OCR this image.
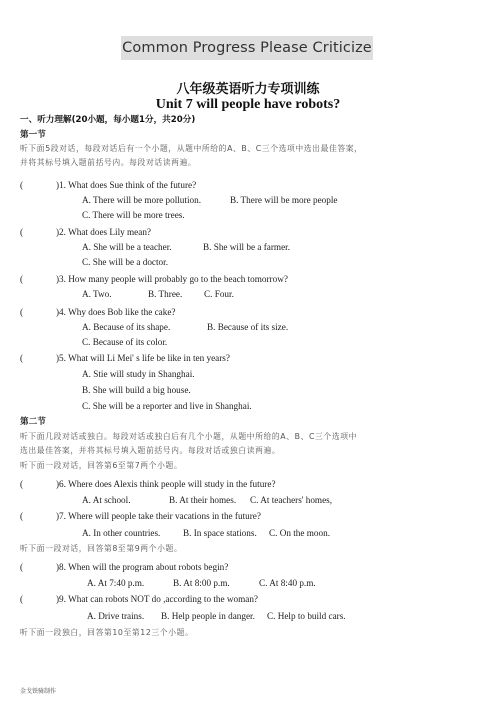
Common Progress Please Criticize
八年级英语听力专项训练
Unit 7 will people have robots?
一、听力理解(20小题，每小题1分，共20分)
第一节
听下面5段对话，每段对话后有一个小题，从题中所给的A、B、C三个选项中选出最佳答案，
并将其标号填入题前括号内。每段对话读两遍。
(	)1. What does Sue think of the future?
A. There will be more pollution.	B. There will be more people
C. There will be more trees.
(	)2. What does Lily mean?
A. She will be a teacher.	B. She will be a farmer.
C. She will be a doctor.
(	)3. How many people will probably go to the beach tomorrow?
A. Two.	B. Three. C. Four.
(	)4. Why does Bob like the cake?
A. Because of its shape.	B. Because of its size.
C. Because of its color.
(	)5. What will Li Mei' s life be like in ten years?
A. Stie will study in Shanghai.
B. She will build a big house.
C. She will be a reporter and live in Shanghai.
第二节
听下面几段对话或独白。每段对话或独白后有几个小题，从题中所给的A、B、C三个选项中
选出最佳答案，并将其标号填入题前括号内。每段对话或独白读两遍。
听下面一段对话，回答第6至第7两个小题。
(	)6. Where does Alexis think people will study in the future?
A. At school.	B. At their homes. C. At teachers' homes,
(	)7. Where will people take their vacations in the future?
A. In other countries. B. In space stations. C. On the moon.
听下面一段对话，回答第8至第9两个小题。
(	)8. When will the program about robots begin?
A. At 7:40 p.m.	B. At 8:00 p.m.	C. At 8:40 p.m.
(	)9. What can robots NOT do ,according to the woman?
A. Drive trains. B. Help people in danger. C. Help to build cars.
听下面一段独白，回答第10至第12三个小题。
金戈铁骑制作
